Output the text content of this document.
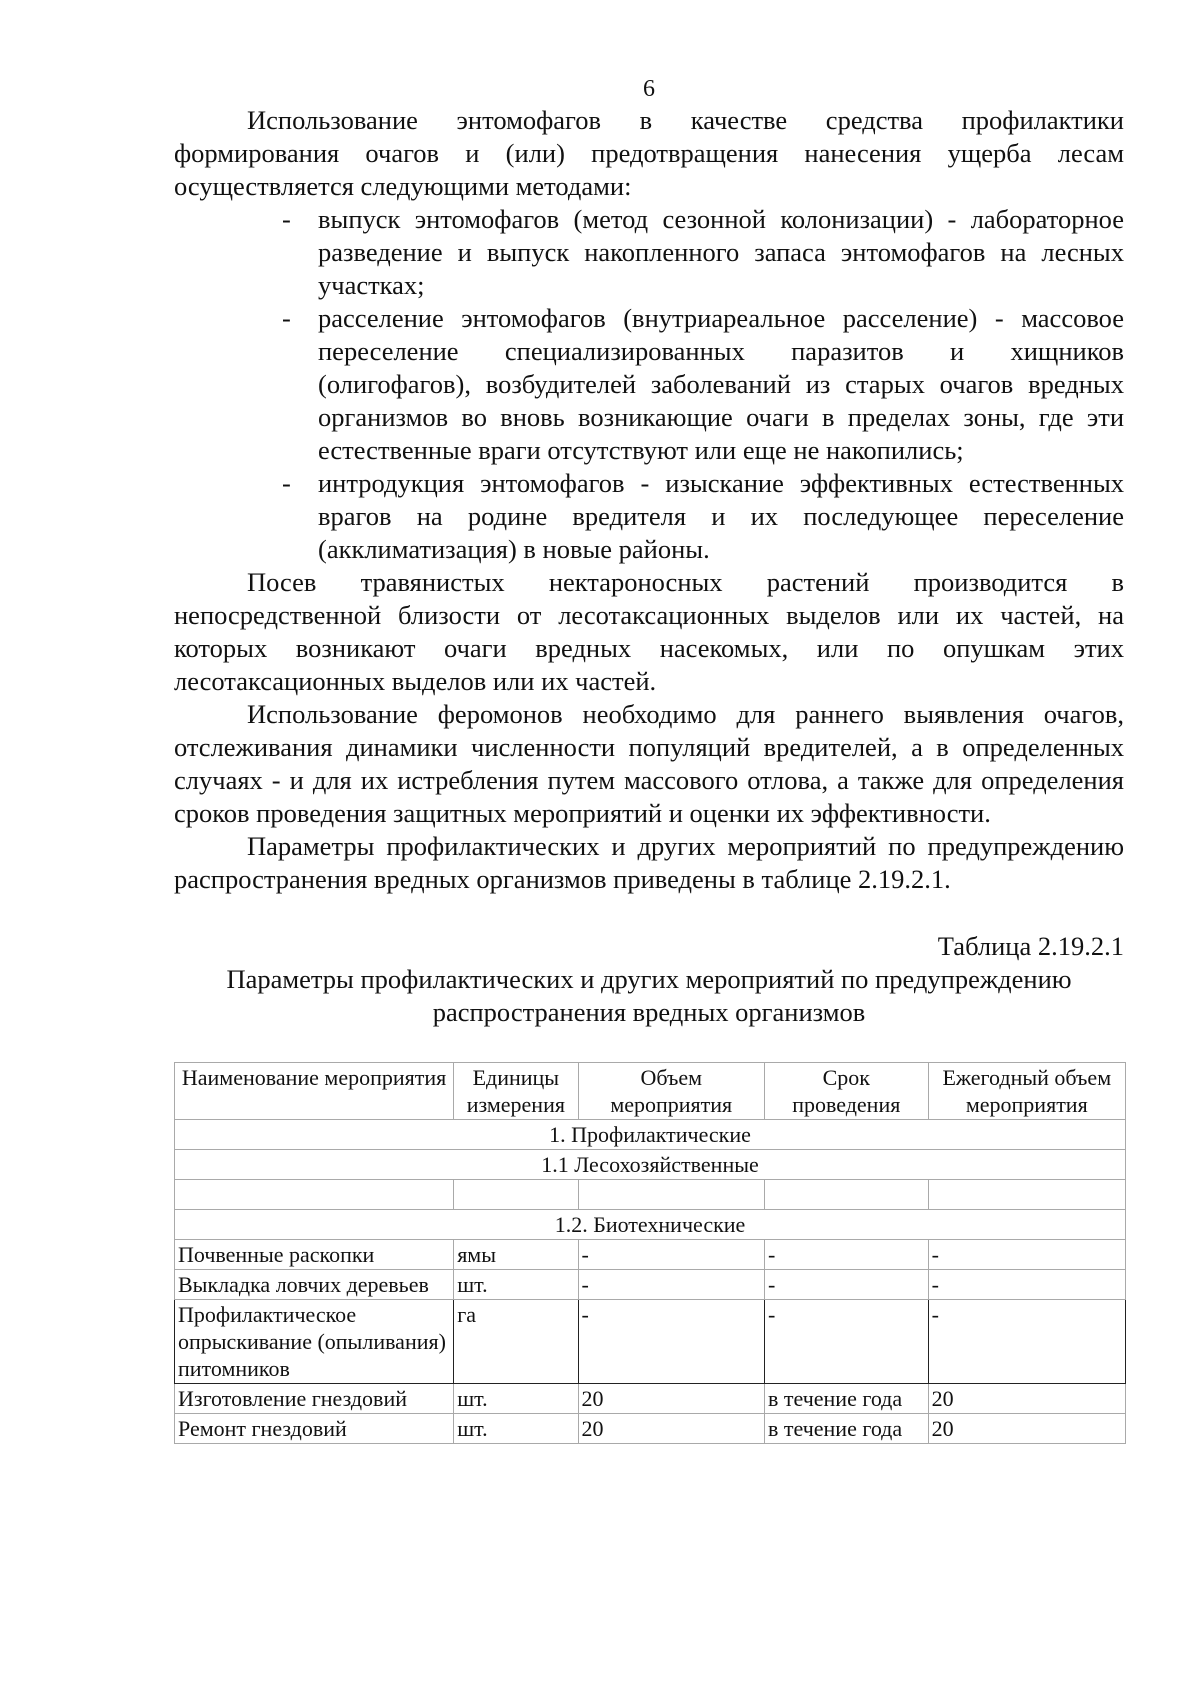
6

Использование энтомофагов в качестве средства профилактики формирования очагов и (или) предотвращения нанесения ущерба лесам осуществляется следующими методами:

- выпуск энтомофагов (метод сезонной колонизации) - лабораторное разведение и выпуск накопленного запаса энтомофагов на лесных участках;
- расселение энтомофагов (внутриареальное расселение) - массовое переселение специализированных паразитов и хищников (олигофагов), возбудителей заболеваний из старых очагов вредных организмов во вновь возникающие очаги в пределах зоны, где эти естественные враги отсутствуют или еще не накопились;
- интродукция энтомофагов - изыскание эффективных естественных врагов на родине вредителя и их последующее переселение (акклиматизация) в новые районы.

Посев травянистых нектароносных растений производится в непосредственной близости от лесотаксационных выделов или их частей, на которых возникают очаги вредных насекомых, или по опушкам этих лесотаксационных выделов или их частей.

Использование феромонов необходимо для раннего выявления очагов, отслеживания динамики численности популяций вредителей, а в определенных случаях - и для их истребления путем массового отлова, а также для определения сроков проведения защитных мероприятий и оценки их эффективности.

Параметры профилактических и других мероприятий по предупреждению распространения вредных организмов приведены в таблице 2.19.2.1.

Таблица 2.19.2.1
Параметры профилактических и других мероприятий по предупреждению распространения вредных организмов
Наименование мероприятия	Единицы измерения	Объем мероприятия	Срок проведения	Ежегодный объем мероприятия
1. Профилактические				
1.1 Лесохозяйственные				

1.2. Биотехнические				
Почвенные раскопки	ямы	-	-	-
Выкладка ловчих деревьев	шт.	-	-	-
Профилактическое опрыскивание (опыливания) питомников	га	-	-	-
Изготовление гнездовий	шт.	20	в течение года	20
Ремонт гнездовий	шт.	20	в течение года	20
